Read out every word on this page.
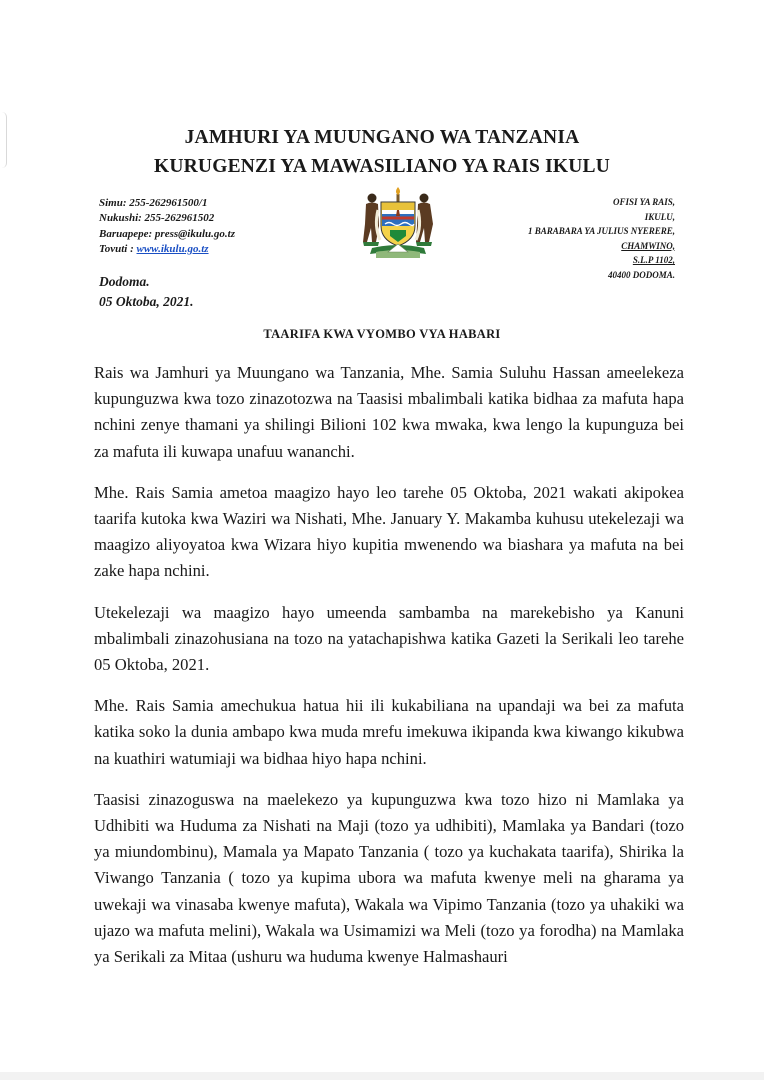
JAMHURI YA MUUNGANO WA TANZANIA
KURUGENZI YA MAWASILIANO YA RAIS IKULU
Simu: 255-262961500/1
Nukushi: 255-262961502
Baruapepe: press@ikulu.go.tz
Tovuti : www.ikulu.go.tz
OFISI YA RAIS,
IKULU,
1 BARABARA YA JULIUS NYERERE,
CHAMWINO,
S.L.P 1102,
40400 DODOMA.
Dodoma.
05 Oktoba, 2021.
TAARIFA KWA VYOMBO VYA HABARI

Rais wa Jamhuri ya Muungano wa Tanzania, Mhe. Samia Suluhu Hassan ameelekeza kupunguzwa kwa tozo zinazotozwa na Taasisi mbalimbali katika bidhaa za mafuta hapa nchini zenye thamani ya shilingi Bilioni 102 kwa mwaka, kwa lengo la kupunguza bei za mafuta ili kuwapa unafuu wananchi.

Mhe. Rais Samia ametoa maagizo hayo leo tarehe 05 Oktoba, 2021 wakati akipokea taarifa kutoka kwa Waziri wa Nishati, Mhe. January Y. Makamba kuhusu utekelezaji wa maagizo aliyoyatoa kwa Wizara hiyo kupitia mwenendo wa biashara ya mafuta na bei zake hapa nchini.

Utekelezaji wa maagizo hayo umeenda sambamba na marekebisho ya Kanuni mbalimbali zinazohusiana na tozo na yatachapishwa katika Gazeti la Serikali leo tarehe 05 Oktoba, 2021.

Mhe. Rais Samia amechukua hatua hii ili kukabiliana na upandaji wa bei za mafuta katika soko la dunia ambapo kwa muda mrefu imekuwa ikipanda kwa kiwango kikubwa na kuathiri watumiaji wa bidhaa hiyo hapa nchini.

Taasisi zinazoguswa na maelekezo ya kupunguzwa kwa tozo hizo ni Mamlaka ya Udhibiti wa Huduma za Nishati na Maji (tozo ya udhibiti), Mamlaka ya Bandari (tozo ya miundombinu), Mamala ya Mapato Tanzania ( tozo ya kuchakata taarifa), Shirika la Viwango Tanzania ( tozo ya kupima ubora wa mafuta kwenye meli na gharama ya uwekaji wa vinasaba kwenye mafuta), Wakala wa Vipimo Tanzania (tozo ya uhakiki wa ujazo wa mafuta melini), Wakala wa Usimamizi wa Meli (tozo ya forodha) na Mamlaka ya Serikali za Mitaa (ushuru wa huduma kwenye Halmashauri
